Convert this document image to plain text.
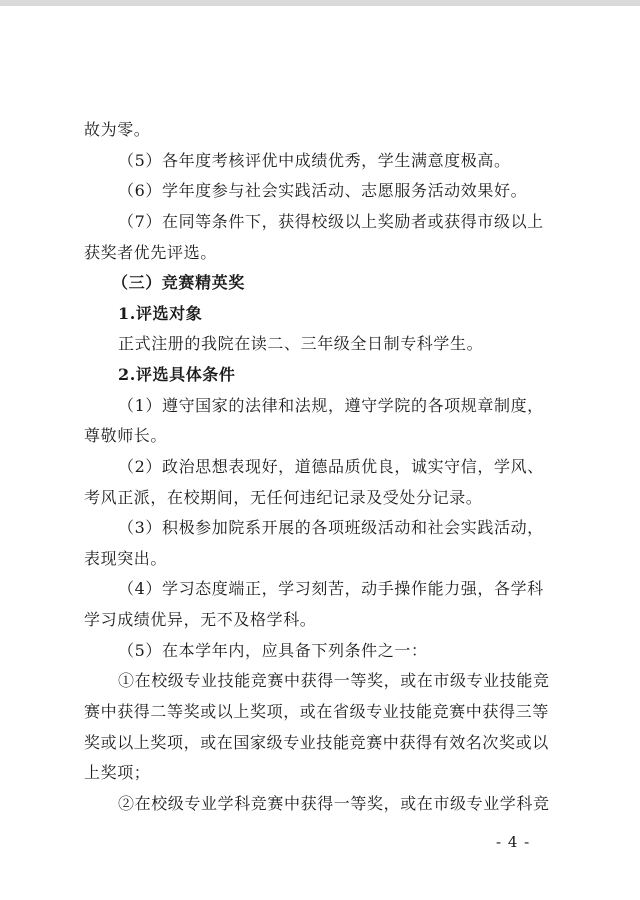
故为零。
（5）各年度考核评优中成绩优秀，学生满意度极高。
（6）学年度参与社会实践活动、志愿服务活动效果好。
（7）在同等条件下，获得校级以上奖励者或获得市级以上
获奖者优先评选。
（三）竞赛精英奖
1.评选对象
正式注册的我院在读二、三年级全日制专科学生。
2.评选具体条件
（1）遵守国家的法律和法规，遵守学院的各项规章制度，
尊敬师长。
（2）政治思想表现好，道德品质优良，诚实守信，学风、
考风正派，在校期间，无任何违纪记录及受处分记录。
（3）积极参加院系开展的各项班级活动和社会实践活动，
表现突出。
（4）学习态度端正，学习刻苦，动手操作能力强，各学科
学习成绩优异，无不及格学科。
（5）在本学年内，应具备下列条件之一：
①在校级专业技能竞赛中获得一等奖，或在市级专业技能竞
赛中获得二等奖或以上奖项，或在省级专业技能竞赛中获得三等
奖或以上奖项，或在国家级专业技能竞赛中获得有效名次奖或以
上奖项；
②在校级专业学科竞赛中获得一等奖，或在市级专业学科竞
- 4 -
